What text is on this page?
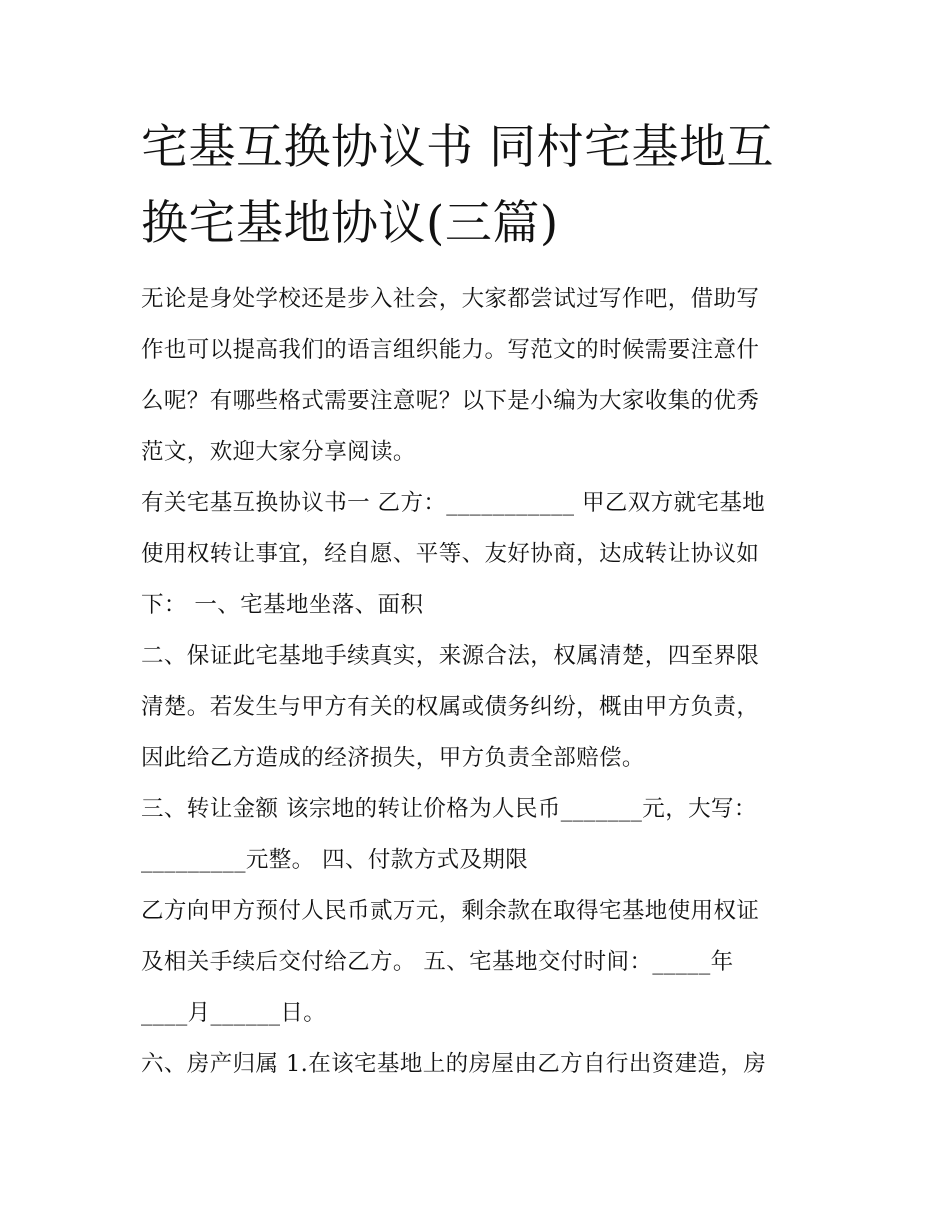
宅基互换协议书 同村宅基地互
换宅基地协议(三篇)
无论是身处学校还是步入社会，大家都尝试过写作吧，借助写
作也可以提高我们的语言组织能力。写范文的时候需要注意什
么呢？有哪些格式需要注意呢？以下是小编为大家收集的优秀
范文，欢迎大家分享阅读。
有关宅基互换协议书一 乙方：___________ 甲乙双方就宅基地
使用权转让事宜，经自愿、平等、友好协商，达成转让协议如
下： 一、宅基地坐落、面积
二、保证此宅基地手续真实，来源合法，权属清楚，四至界限
清楚。若发生与甲方有关的权属或债务纠纷，概由甲方负责，
因此给乙方造成的经济损失，甲方负责全部赔偿。
三、转让金额 该宗地的转让价格为人民币_______元，大写：
_________元整。 四、付款方式及期限
乙方向甲方预付人民币贰万元，剩余款在取得宅基地使用权证
及相关手续后交付给乙方。 五、宅基地交付时间：_____年
____月______日。
六、房产归属 1.在该宅基地上的房屋由乙方自行出资建造，房
